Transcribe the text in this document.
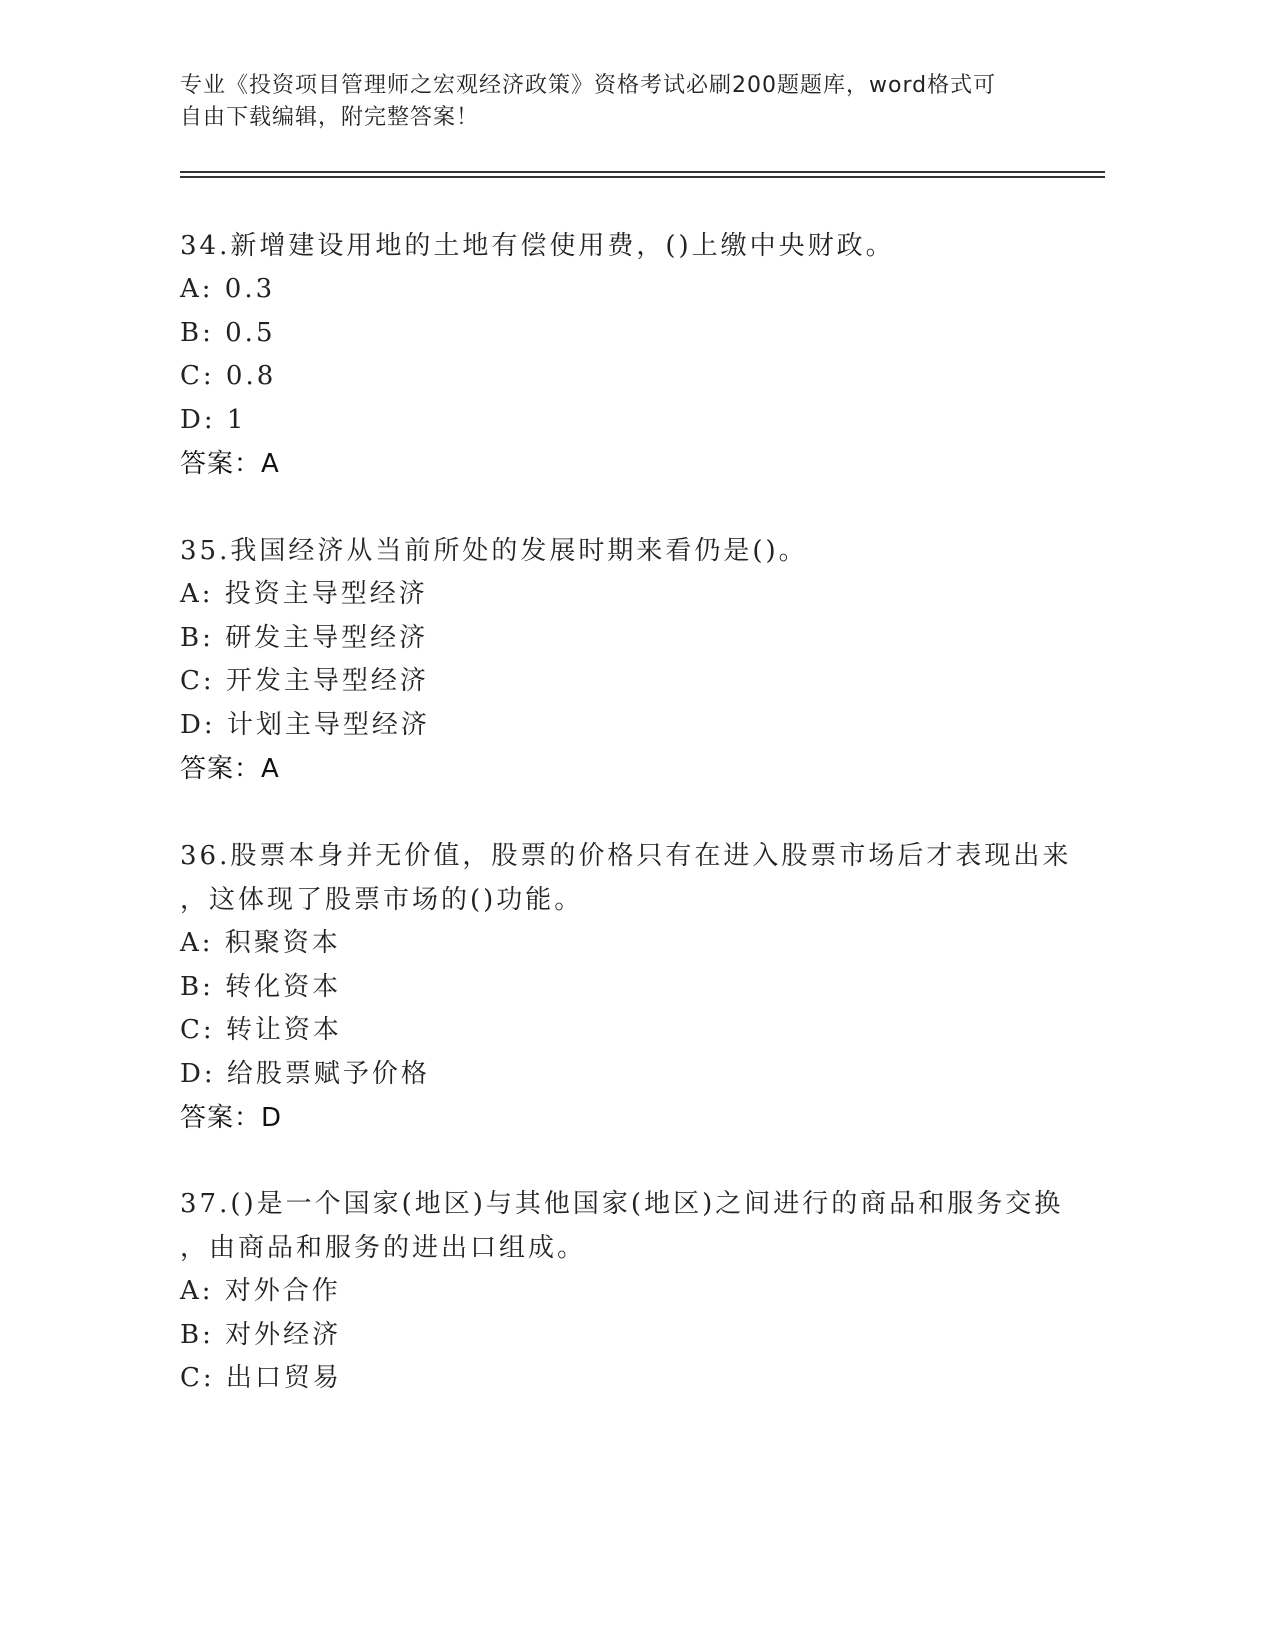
专业《投资项目管理师之宏观经济政策》资格考试必刷200题题库，word格式可
自由下载编辑，附完整答案！
34.新增建设用地的土地有偿使用费，()上缴中央财政。
A: 0.3
B: 0.5
C: 0.8
D: 1
答案：A
35.我国经济从当前所处的发展时期来看仍是()。
A: 投资主导型经济
B: 研发主导型经济
C: 开发主导型经济
D: 计划主导型经济
答案：A
36.股票本身并无价值，股票的价格只有在进入股票市场后才表现出来
，这体现了股票市场的()功能。
A: 积聚资本
B: 转化资本
C: 转让资本
D: 给股票赋予价格
答案：D
37.()是一个国家(地区)与其他国家(地区)之间进行的商品和服务交换
，由商品和服务的进出口组成。
A: 对外合作
B: 对外经济
C: 出口贸易
